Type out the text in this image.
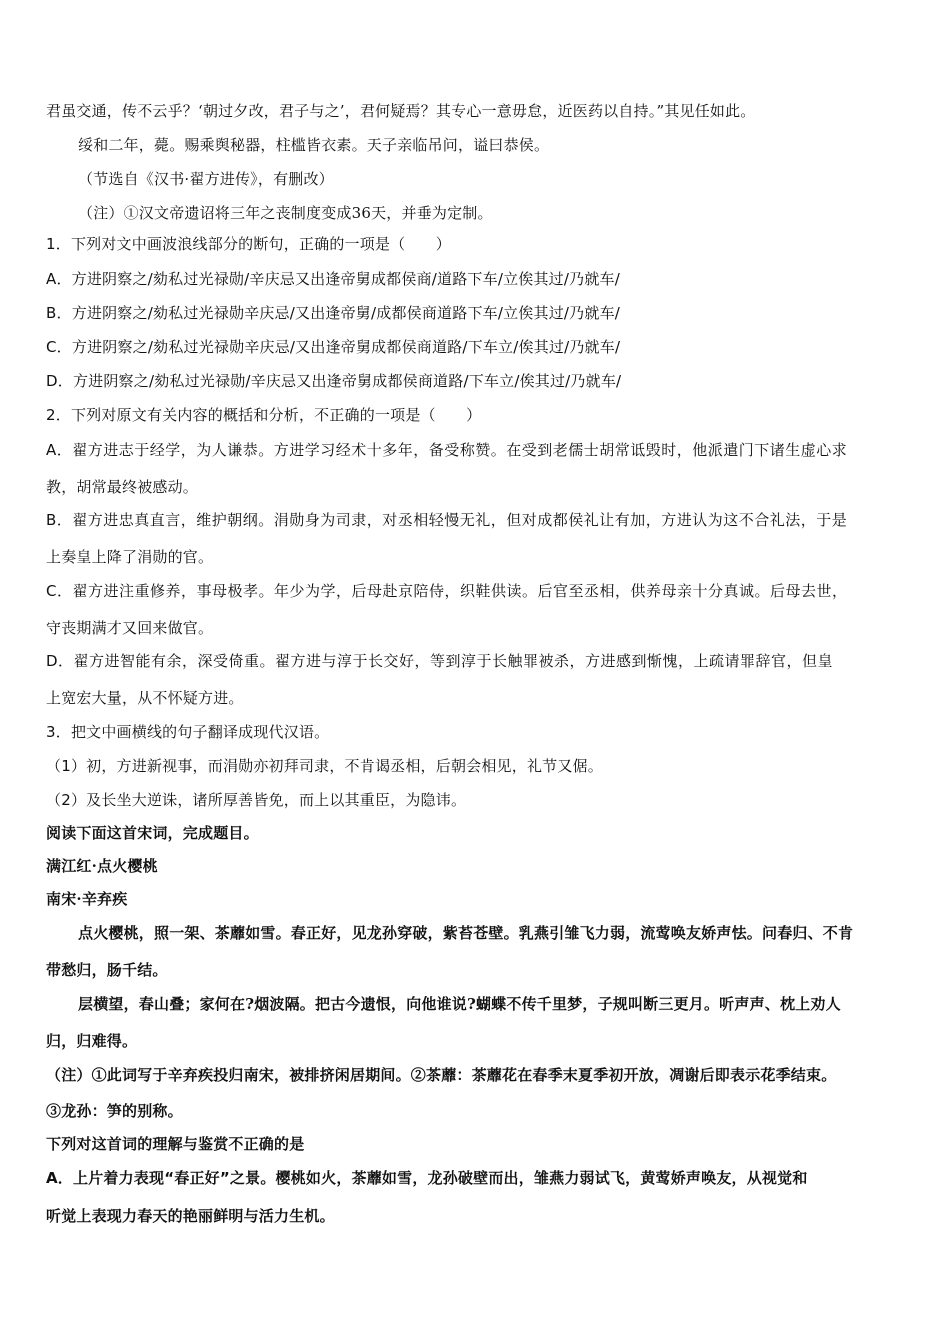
君虽交通，传不云乎？‘朝过夕改，君子与之’，君何疑焉？其专心一意毋怠，近医药以自持。”其见任如此。
绥和二年，薨。赐乘舆秘器，柱槛皆衣素。天子亲临吊问，谥曰恭侯。
（节选自《汉书·翟方进传》，有删改）
（注）①汉文帝遗诏将三年之丧制度变成36天，并垂为定制。
1．下列对文中画波浪线部分的断句，正确的一项是（　　）
A．方进阴察之/劾私过光禄勋/辛庆忌又出逢帝舅成都侯商/道路下车/立俟其过/乃就车/
B．方进阴察之/劾私过光禄勋辛庆忌/又出逢帝舅/成都侯商道路下车/立俟其过/乃就车/
C．方进阴察之/劾私过光禄勋辛庆忌/又出逢帝舅成都侯商道路/下车立/俟其过/乃就车/
D．方进阴察之/劾私过光禄勋/辛庆忌又出逢帝舅成都侯商道路/下车立/俟其过/乃就车/
2．下列对原文有关内容的概括和分析，不正确的一项是（　　）
A．翟方进志于经学，为人谦恭。方进学习经术十多年，备受称赞。在受到老儒士胡常诋毁时，他派遣门下诸生虚心求
教，胡常最终被感动。
B．翟方进忠真直言，维护朝纲。涓勋身为司隶，对丞相轻慢无礼，但对成都侯礼让有加，方进认为这不合礼法，于是
上奏皇上降了涓勋的官。
C．翟方进注重修养，事母极孝。年少为学，后母赴京陪侍，织鞋供读。后官至丞相，供养母亲十分真诚。后母去世，
守丧期满才又回来做官。
D．翟方进智能有余，深受倚重。翟方进与淳于长交好，等到淳于长触罪被杀，方进感到惭愧，上疏请罪辞官，但皇
上宽宏大量，从不怀疑方进。
3．把文中画横线的句子翻译成现代汉语。
（1）初，方进新视事，而涓勋亦初拜司隶，不肯谒丞相，后朝会相见，礼节又倨。
（2）及长坐大逆诛，诸所厚善皆免，而上以其重臣，为隐讳。
阅读下面这首宋词，完成题目。
满江红·点火樱桃
南宋·辛弃疾
点火樱桃，照一架、茶蘼如雪。春正好，见龙孙穿破，紫苔苍壁。乳燕引雏飞力弱，流莺唤友娇声怯。问春归、不肯
带愁归，肠千结。
层横望，春山叠；家何在?烟波隔。把古今遗恨，向他谁说?蝴蝶不传千里梦，子规叫断三更月。听声声、枕上劝人
归，归难得。
（注）①此词写于辛弃疾投归南宋，被排挤闲居期间。②茶蘼：茶蘼花在春季末夏季初开放，凋谢后即表示花季结束。
③龙孙：笋的别称。
下列对这首词的理解与鉴赏不正确的是
A．上片着力表现“春正好”之景。樱桃如火，茶蘼如雪，龙孙破壁而出，雏燕力弱试飞，黄莺娇声唤友，从视觉和
听觉上表现力春天的艳丽鲜明与活力生机。
